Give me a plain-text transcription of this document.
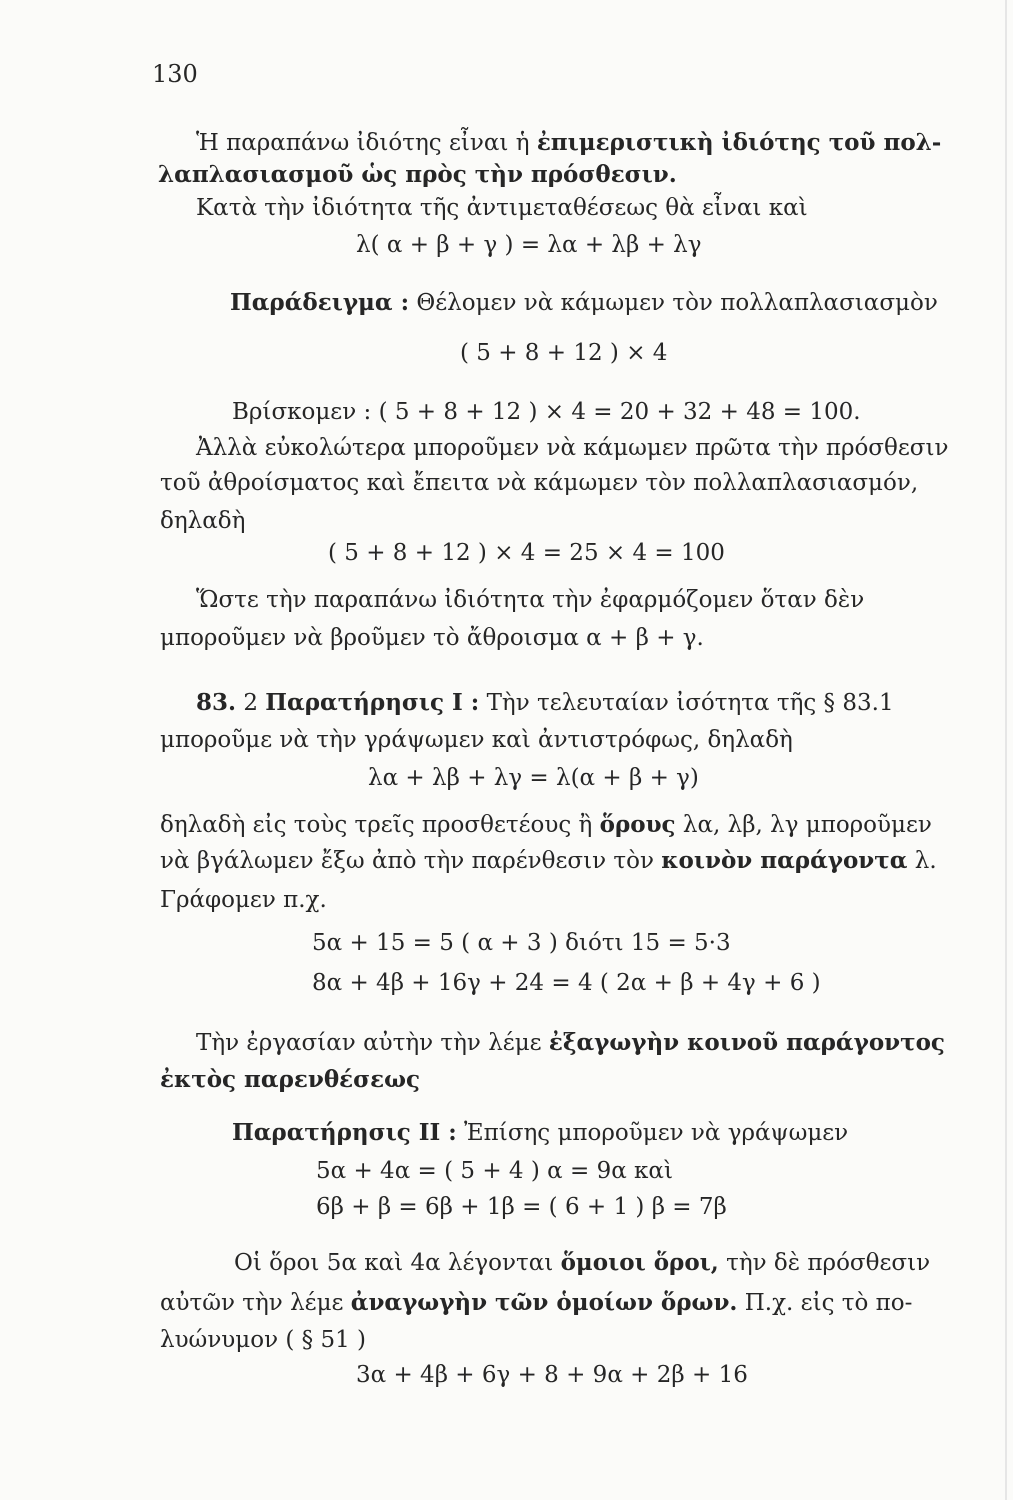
130
Ἡ παραπάνω ἰδιότης εἶναι ἡ ἐπιμεριστικὴ ἰδιότης τοῦ πολ-
λαπλασιασμοῦ ὡς πρὸς τὴν πρόσθεσιν.
Κατὰ τὴν ἰδιότητα τῆς ἀντιμεταθέσεως θὰ εἶναι καὶ
λ( α + β + γ ) = λα + λβ + λγ
Παράδειγμα : Θέλομεν νὰ κάμωμεν τὸν πολλαπλασιασμὸν
( 5 + 8 + 12 ) × 4
Βρίσκομεν : ( 5 + 8 + 12 ) × 4 = 20 + 32 + 48 = 100.
Ἀλλὰ εὐκολώτερα μποροῦμεν νὰ κάμωμεν πρῶτα τὴν πρόσθεσιν
τοῦ ἀθροίσματος καὶ ἔπειτα νὰ κάμωμεν τὸν πολλαπλασιασμόν,
δηλαδὴ
( 5 + 8 + 12 ) × 4 = 25 × 4 = 100
Ὥστε τὴν παραπάνω ἰδιότητα τὴν ἐφαρμόζομεν ὅταν δὲν
μποροῦμεν νὰ βροῦμεν τὸ ἄθροισμα α + β + γ.
83. 2 Παρατήρησις Ι : Τὴν τελευταίαν ἰσότητα τῆς § 83.1
μποροῦμε νὰ τὴν γράψωμεν καὶ ἀντιστρόφως, δηλαδὴ
λα + λβ + λγ = λ(α + β + γ)
δηλαδὴ εἰς τοὺς τρεῖς προσθετέους ἢ ὅρους λα, λβ, λγ μποροῦμεν
νὰ βγάλωμεν ἔξω ἀπὸ τὴν παρένθεσιν τὸν κοινὸν παράγοντα λ.
Γράφομεν π.χ.
5α + 15 = 5 ( α + 3 ) διότι 15 = 5·3
8α + 4β + 16γ + 24 = 4 ( 2α + β + 4γ + 6 )
Τὴν ἐργασίαν αὐτὴν τὴν λέμε ἐξαγωγὴν κοινοῦ παράγοντος
ἐκτὸς παρενθέσεως
Παρατήρησις ΙΙ : Ἐπίσης μποροῦμεν νὰ γράψωμεν
5α + 4α = ( 5 + 4 ) α = 9α καὶ
6β + β = 6β + 1β = ( 6 + 1 ) β = 7β
Οἱ ὅροι 5α καὶ 4α λέγονται ὅμοιοι ὅροι, τὴν δὲ πρόσθεσιν
αὐτῶν τὴν λέμε ἀναγωγὴν τῶν ὁμοίων ὅρων. Π.χ. εἰς τὸ πο-
λυώνυμον ( § 51 )
3α + 4β + 6γ + 8 + 9α + 2β + 16
